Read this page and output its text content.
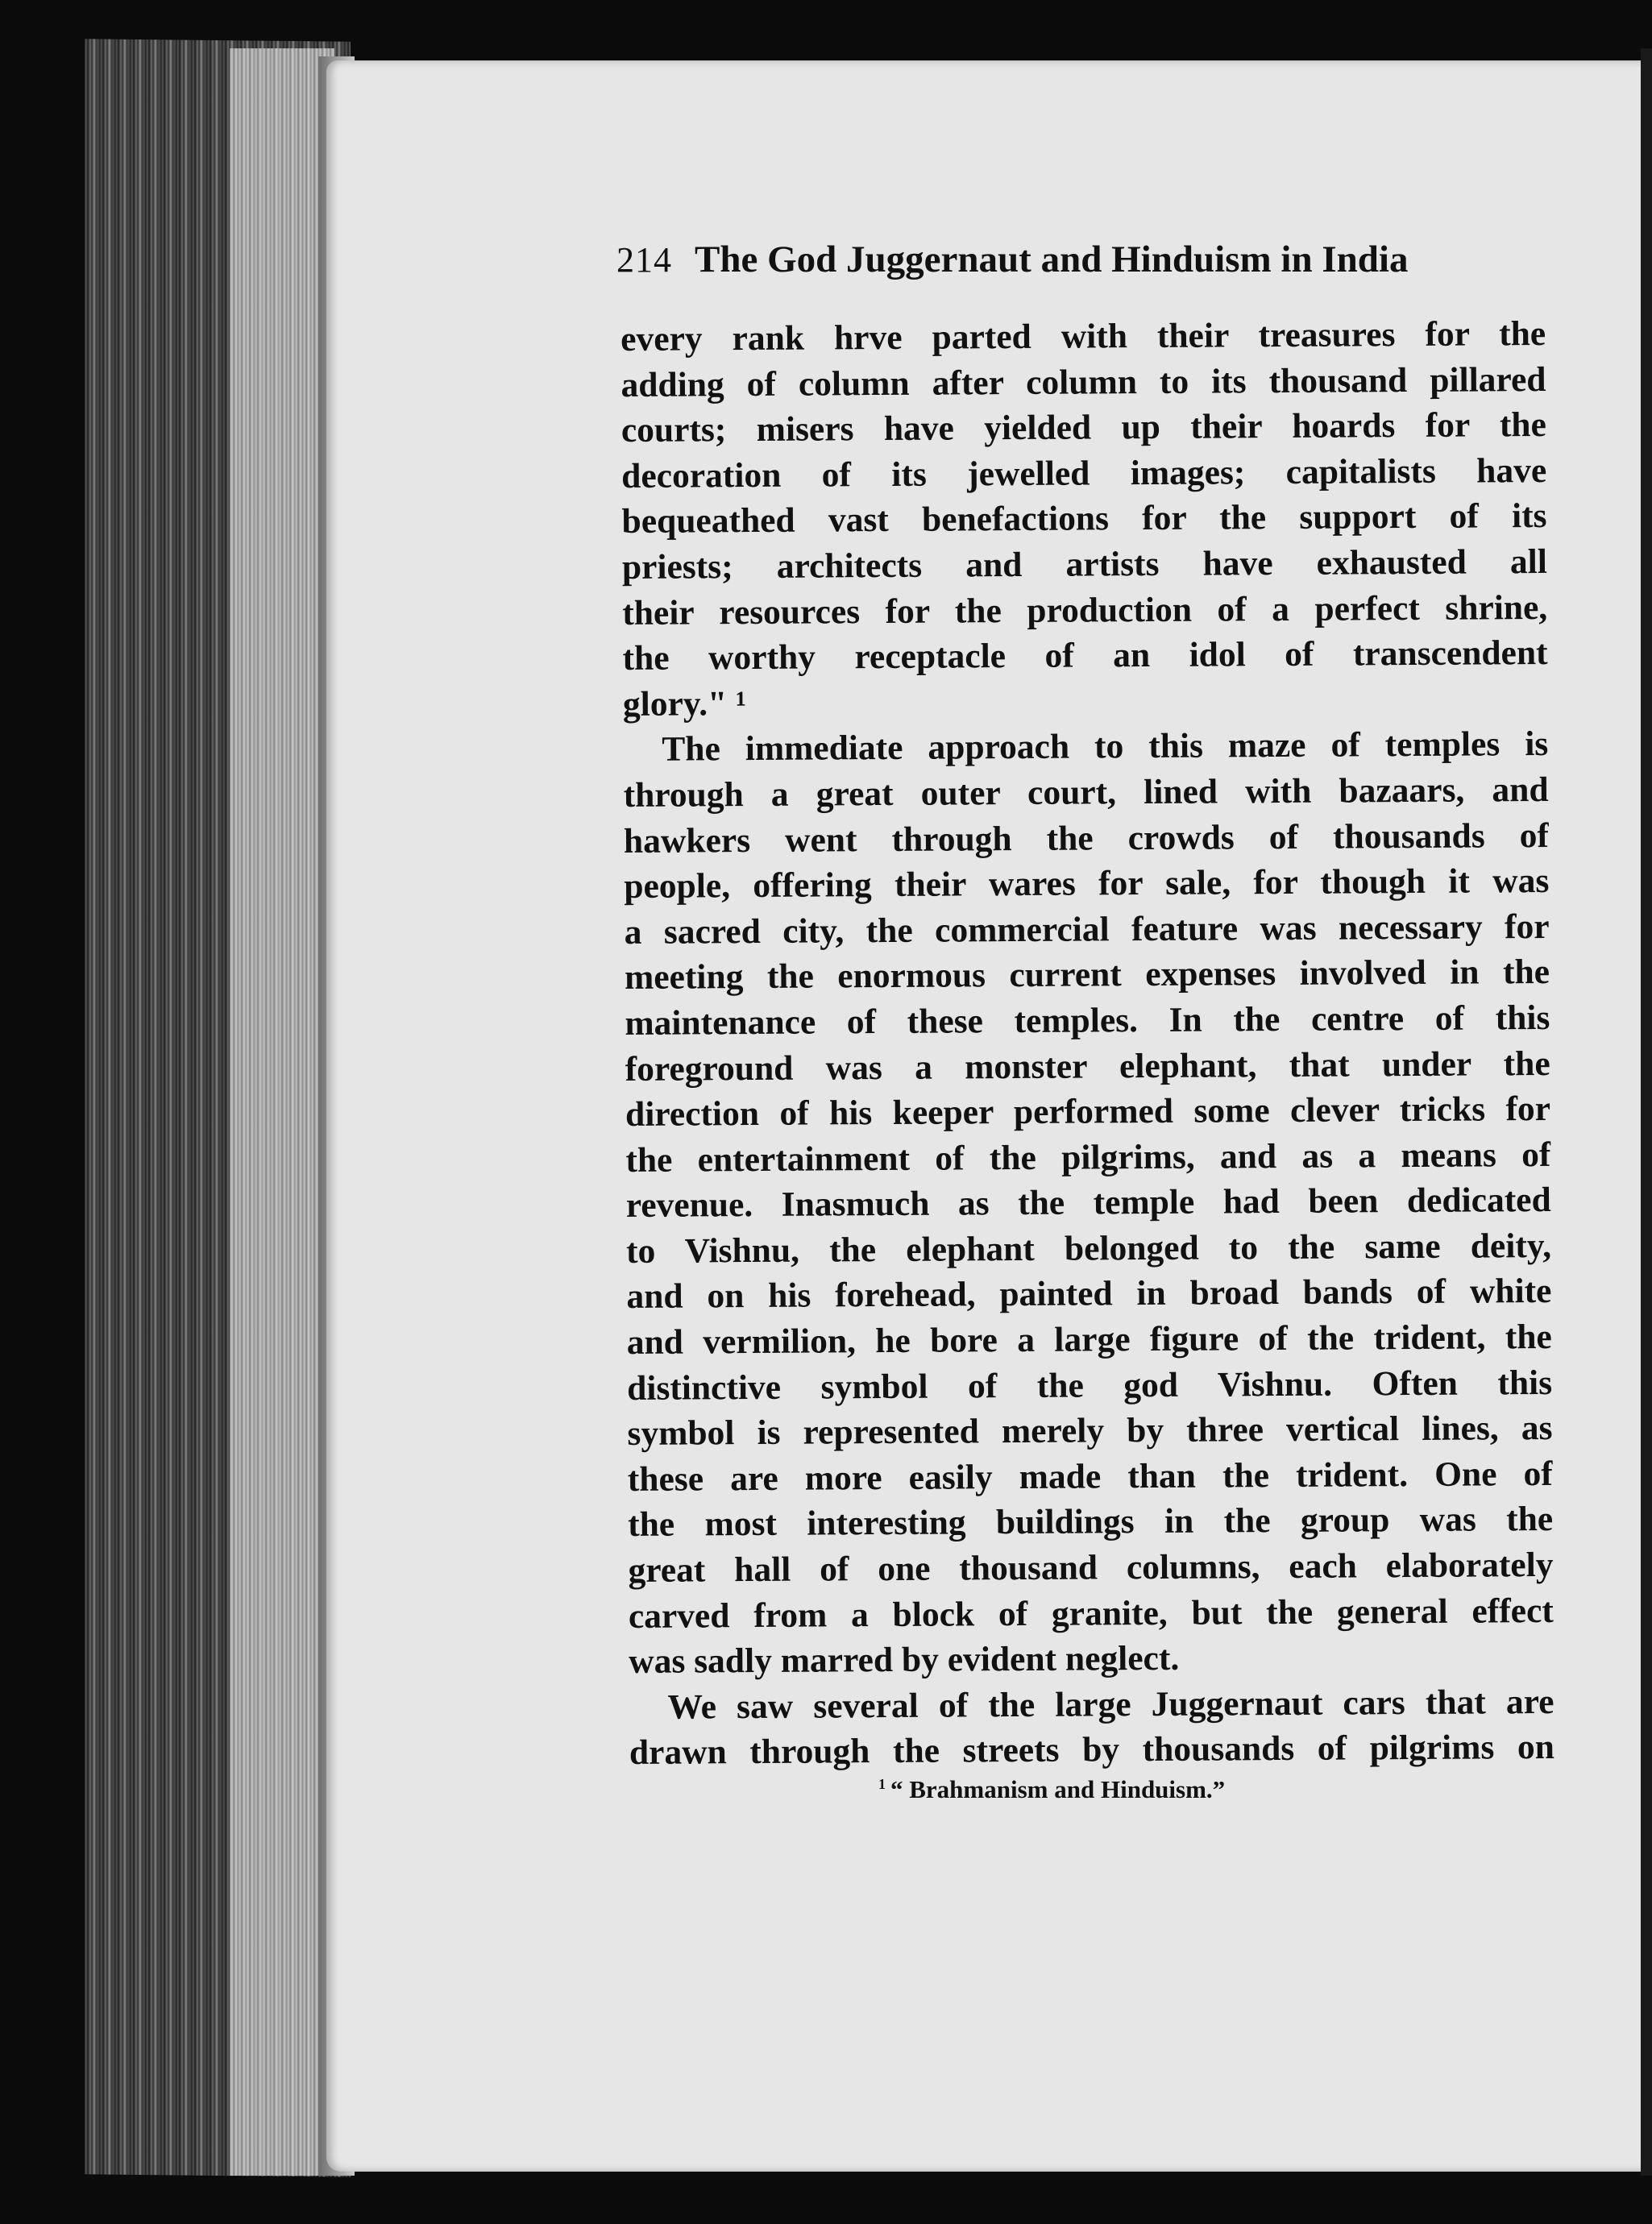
214 The God Juggernaut and Hinduism in India
every rank hrve parted with their treasures for the
adding of column after column to its thousand pillared
courts; misers have yielded up their hoards for the
decoration of its jewelled images; capitalists have
bequeathed vast benefactions for the support of its
priests; architects and artists have exhausted all
their resources for the production of a perfect shrine,
the worthy receptacle of an idol of transcendent
glory." ¹
The immediate approach to this maze of temples is
through a great outer court, lined with bazaars, and
hawkers went through the crowds of thousands of
people, offering their wares for sale, for though it was
a sacred city, the commercial feature was necessary for
meeting the enormous current expenses involved in the
maintenance of these temples. In the centre of this
foreground was a monster elephant, that under the
direction of his keeper performed some clever tricks for
the entertainment of the pilgrims, and as a means of
revenue. Inasmuch as the temple had been dedicated
to Vishnu, the elephant belonged to the same deity,
and on his forehead, painted in broad bands of white
and vermilion, he bore a large figure of the trident, the
distinctive symbol of the god Vishnu. Often this
symbol is represented merely by three vertical lines, as
these are more easily made than the trident. One of
the most interesting buildings in the group was the
great hall of one thousand columns, each elaborately
carved from a block of granite, but the general effect
was sadly marred by evident neglect.
We saw several of the large Juggernaut cars that are
drawn through the streets by thousands of pilgrims on
$^1$ “ Brahmanism and Hinduism.”
